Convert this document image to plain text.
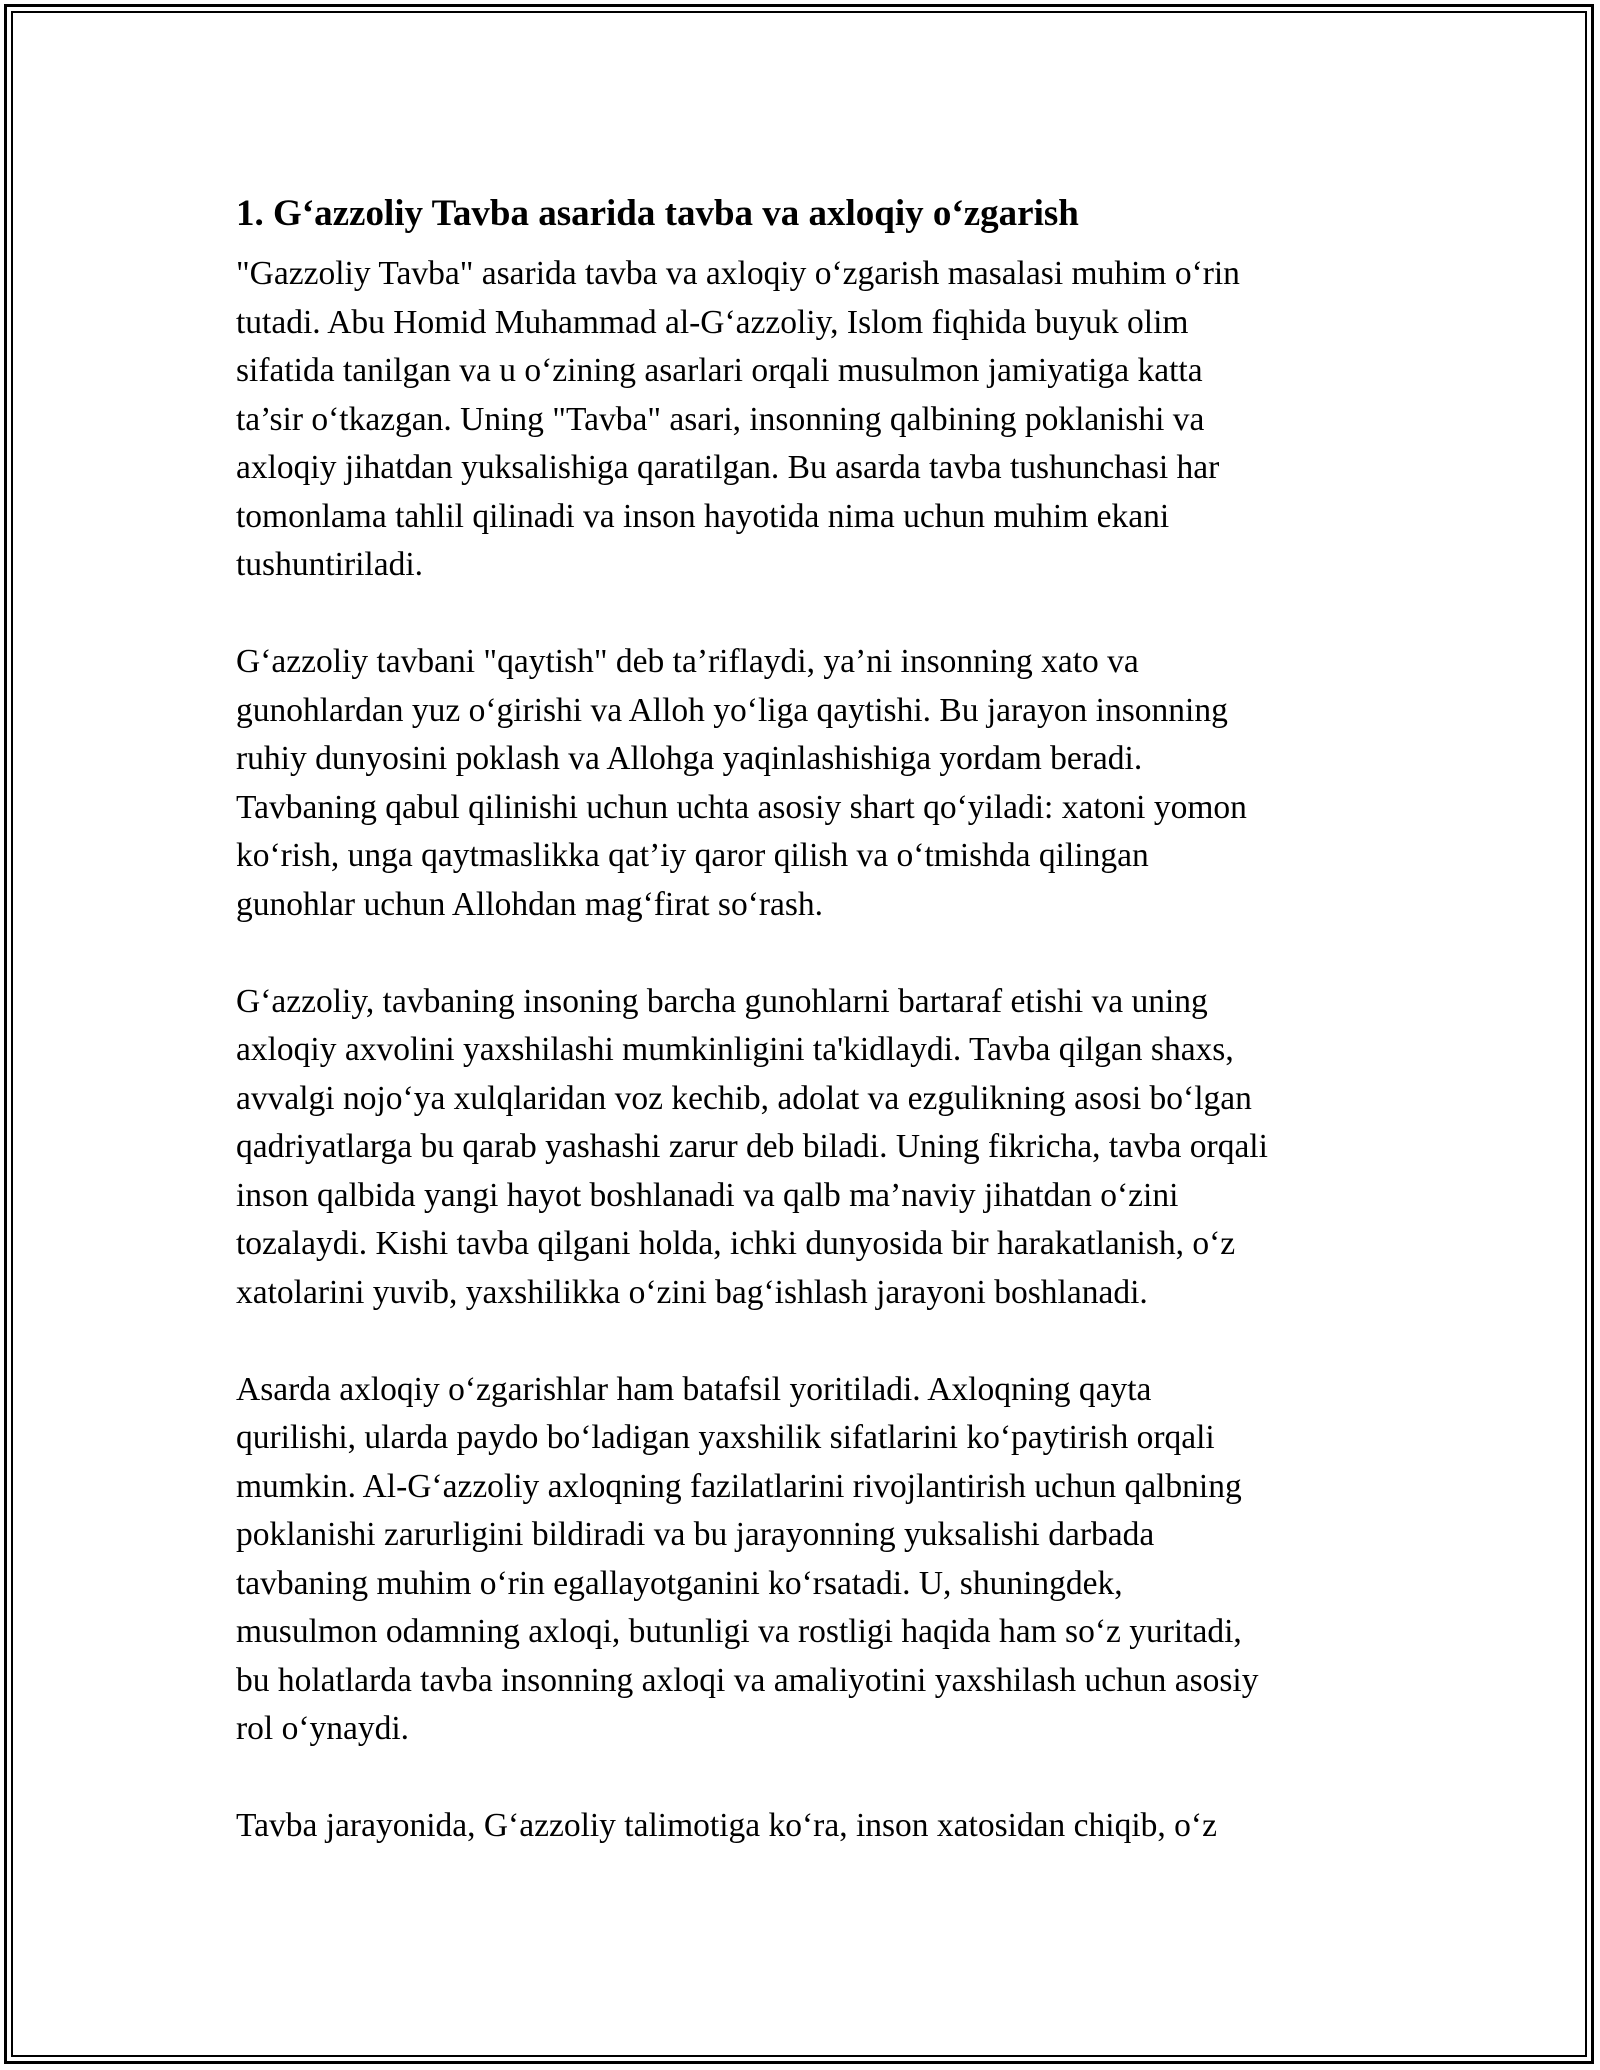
1. G‘azzoliy Tavba asarida tavba va axloqiy o‘zgarish

"Gazzoliy Tavba" asarida tavba va axloqiy o‘zgarish masalasi muhim o‘rin
tutadi. Abu Homid Muhammad al-G‘azzoliy, Islom fiqhida buyuk olim
sifatida tanilgan va u o‘zining asarlari orqali musulmon jamiyatiga katta
ta’sir o‘tkazgan. Uning "Tavba" asari, insonning qalbining poklanishi va
axloqiy jihatdan yuksalishiga qaratilgan. Bu asarda tavba tushunchasi har
tomonlama tahlil qilinadi va inson hayotida nima uchun muhim ekani
tushuntiriladi.

G‘azzoliy tavbani "qaytish" deb ta’riflaydi, ya’ni insonning xato va
gunohlardan yuz o‘girishi va Alloh yo‘liga qaytishi. Bu jarayon insonning
ruhiy dunyosini poklash va Allohga yaqinlashishiga yordam beradi.
Tavbaning qabul qilinishi uchun uchta asosiy shart qo‘yiladi: xatoni yomon
ko‘rish, unga qaytmaslikka qat’iy qaror qilish va o‘tmishda qilingan
gunohlar uchun Allohdan mag‘firat so‘rash.

G‘azzoliy, tavbaning insoning barcha gunohlarni bartaraf etishi va uning
axloqiy axvolini yaxshilashi mumkinligini ta'kidlaydi. Tavba qilgan shaxs,
avvalgi nojo‘ya xulqlaridan voz kechib, adolat va ezgulikning asosi bo‘lgan
qadriyatlarga bu qarab yashashi zarur deb biladi. Uning fikricha, tavba orqali
inson qalbida yangi hayot boshlanadi va qalb ma’naviy jihatdan o‘zini
tozalaydi. Kishi tavba qilgani holda, ichki dunyosida bir harakatlanish, o‘z
xatolarini yuvib, yaxshilikka o‘zini bag‘ishlash jarayoni boshlanadi.

Asarda axloqiy o‘zgarishlar ham batafsil yoritiladi. Axloqning qayta
qurilishi, ularda paydo bo‘ladigan yaxshilik sifatlarini ko‘paytirish orqali
mumkin. Al-G‘azzoliy axloqning fazilatlarini rivojlantirish uchun qalbning
poklanishi zarurligini bildiradi va bu jarayonning yuksalishi darbada
tavbaning muhim o‘rin egallayotganini ko‘rsatadi. U, shuningdek,
musulmon odamning axloqi, butunligi va rostligi haqida ham so‘z yuritadi,
bu holatlarda tavba insonning axloqi va amaliyotini yaxshilash uchun asosiy
rol o‘ynaydi.

Tavba jarayonida, G‘azzoliy talimotiga ko‘ra, inson xatosidan chiqib, o‘z
